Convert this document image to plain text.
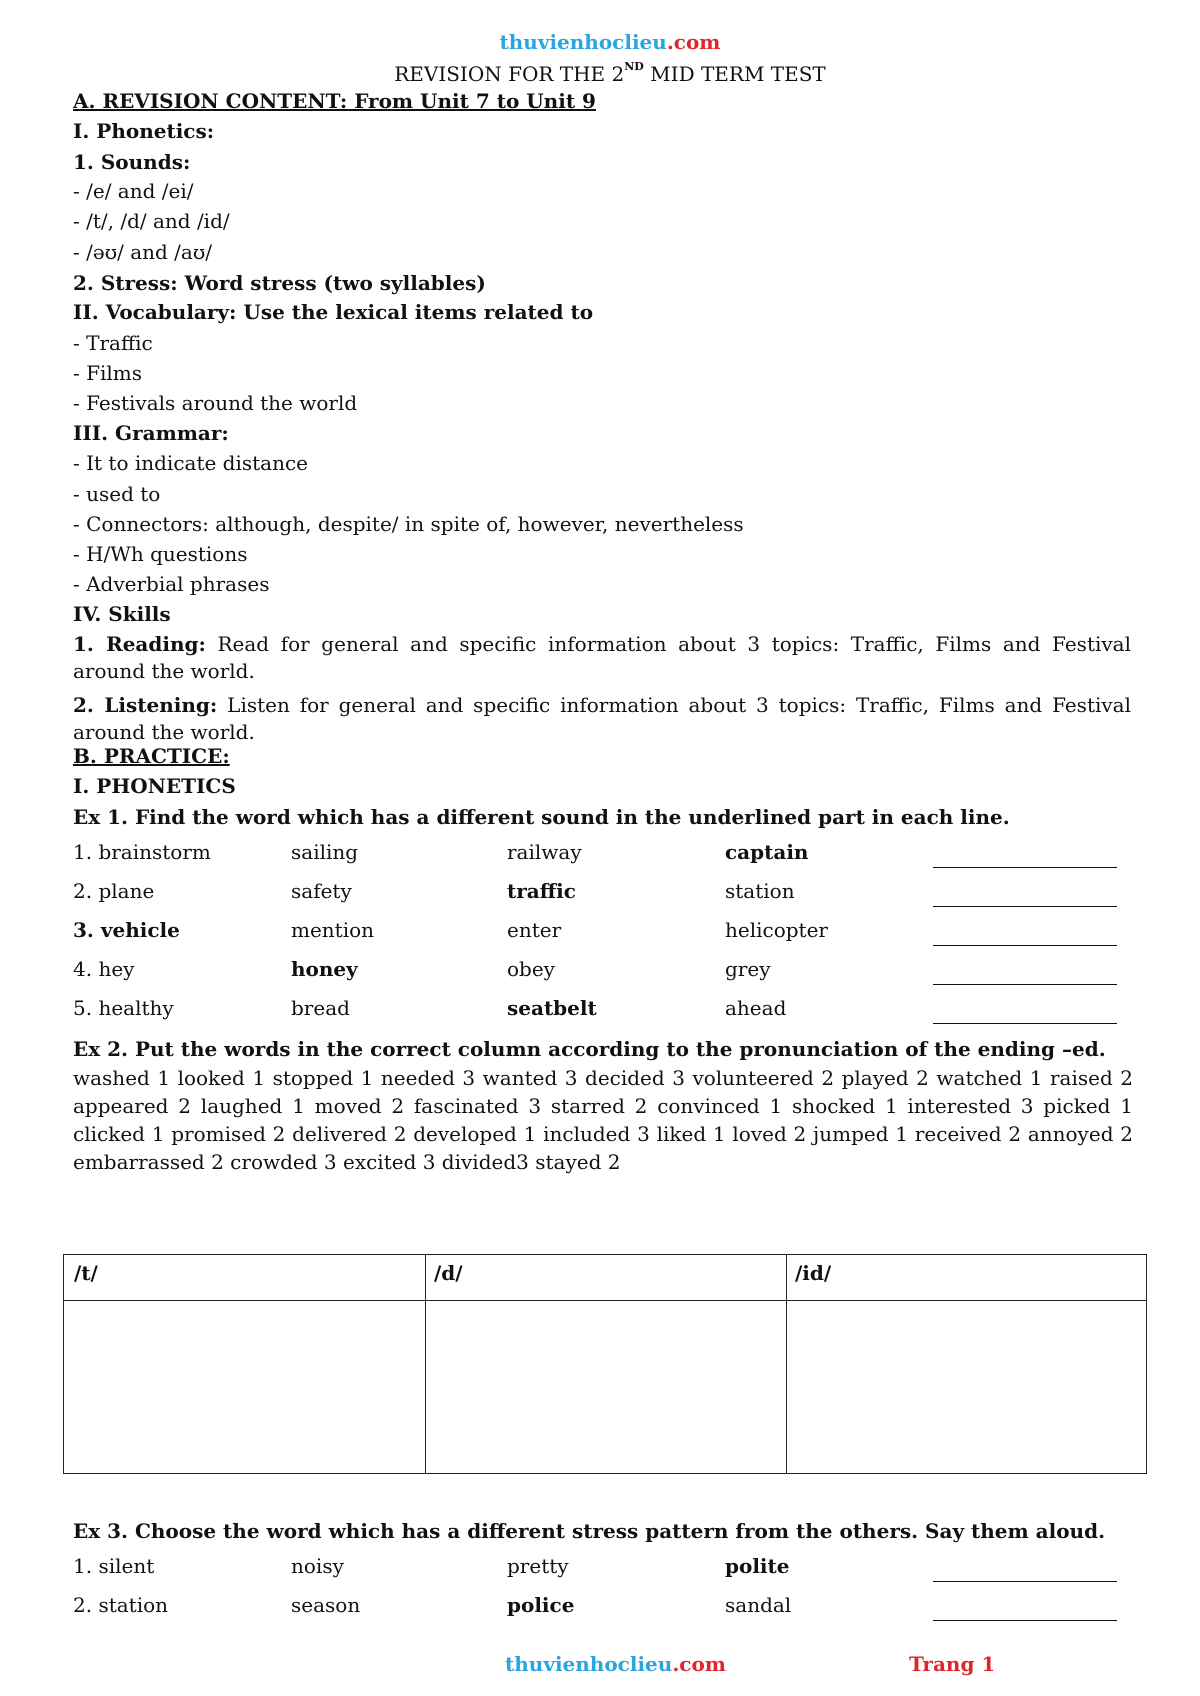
thuvienhoclieu.com
REVISION FOR THE 2ND MID TERM TEST
A. REVISION CONTENT: From Unit 7 to Unit 9
I. Phonetics:
1. Sounds:
- /e/ and /ei/
- /t/, /d/ and /id/
- /əʊ/ and /aʊ/
2. Stress: Word stress (two syllables)
II. Vocabulary: Use the lexical items related to
- Traffic
- Films
- Festivals around the world
III. Grammar:
- It to indicate distance
- used to
- Connectors: although, despite/ in spite of, however, nevertheless
- H/Wh questions
- Adverbial phrases
IV. Skills
1. Reading: Read for general and specific information about 3 topics: Traffic, Films and Festival around the world.
2. Listening: Listen for general and specific information about 3 topics: Traffic, Films and Festival around the world.
B. PRACTICE:
I. PHONETICS
Ex 1. Find the word which has a different sound in the underlined part in each line.
1. brainstorm	sailing	railway	captain
2. plane	safety	traffic	station
3. vehicle	mention	enter	helicopter
4. hey	honey	obey	grey
5. healthy	bread	seatbelt	ahead
Ex 2. Put the words in the correct column according to the pronunciation of the ending –ed.
washed 1 looked 1 stopped 1 needed 3 wanted 3 decided 3 volunteered 2 played 2 watched 1 raised 2 appeared 2 laughed 1 moved 2 fascinated 3 starred 2 convinced 1 shocked 1 interested 3 picked 1 clicked 1 promised 2 delivered 2 developed 1 included 3 liked 1 loved 2 jumped 1 received 2 annoyed 2 embarrassed 2 crowded 3 excited 3 divided3 stayed 2
/t/	/d/	/id/
Ex 3. Choose the word which has a different stress pattern from the others. Say them aloud.
1. silent	noisy	pretty	polite
2. station	season	police	sandal
thuvienhoclieu.com	Trang 1
